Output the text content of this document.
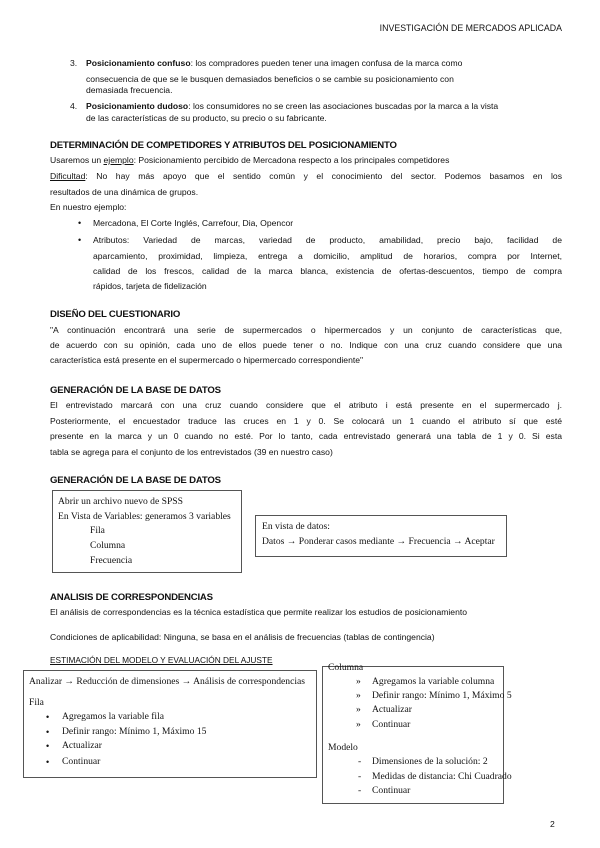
INVESTIGACIÓN DE MERCADOS APLICADA
3. Posicionamiento confuso: los compradores pueden tener una imagen confusa de la marca como
consecuencia de que se le busquen demasiados beneficios o se cambie su posicionamiento con
demasiada frecuencia.
4. Posicionamiento dudoso: los consumidores no se creen las asociaciones buscadas por la marca a la vista
de las características de su producto, su precio o su fabricante.
DETERMINACIÓN DE COMPETIDORES Y ATRIBUTOS DEL POSICIONAMIENTO
Usaremos un ejemplo: Posicionamiento percibido de Mercadona respecto a los principales competidores
Dificultad: No hay más apoyo que el sentido común y el conocimiento del sector. Podemos basamos en los
resultados de una dinámica de grupos.
En nuestro ejemplo:
• Mercadona, El Corte Inglés, Carrefour, Dia, Opencor
• Atributos: Variedad de marcas, variedad de producto, amabilidad, precio bajo, facilidad de
aparcamiento, proximidad, limpieza, entrega a domicilio, amplitud de horarios, compra por Internet,
calidad de los frescos, calidad de la marca blanca, existencia de ofertas-descuentos, tiempo de compra
rápidos, tarjeta de fidelización
DISEÑO DEL CUESTIONARIO
"A continuación encontrará una serie de supermercados o hipermercados y un conjunto de características que,
de acuerdo con su opinión, cada uno de ellos puede tener o no. Indique con una cruz cuando considere que una
característica está presente en el supermercado o hipermercado correspondiente"
GENERACIÓN DE LA BASE DE DATOS
El entrevistado marcará con una cruz cuando considere que el atributo i está presente en el supermercado j.
Posteriormente, el encuestador traduce las cruces en 1 y 0. Se colocará un 1 cuando el atributo sí que esté
presente en la marca y un 0 cuando no esté. Por lo tanto, cada entrevistado generará una tabla de 1 y 0. Si esta
tabla se agrega para el conjunto de los entrevistados (39 en nuestro caso)
GENERACIÓN DE LA BASE DE DATOS
Abrir un archivo nuevo de SPSS
En Vista de Variables: generamos 3 variables
Fila
Columna
Frecuencia
En vista de datos:
Datos → Ponderar casos mediante → Frecuencia → Aceptar
ANALISIS DE CORRESPONDENCIAS
El análisis de correspondencias es la técnica estadística que permite realizar los estudios de posicionamiento
Condiciones de aplicabilidad: Ninguna, se basa en el análisis de frecuencias (tablas de contingencia)
ESTIMACIÓN DEL MODELO Y EVALUACIÓN DEL AJUSTE
Analizar → Reducción de dimensiones → Análisis de correspondencias
Fila
• Agregamos la variable fila
• Definir rango: Mínimo 1, Máximo 15
• Actualizar
• Continuar
Columna
» Agregamos la variable columna
» Definir rango: Mínimo 1, Máximo 5
» Actualizar
» Continuar
Modelo
- Dimensiones de la solución: 2
- Medidas de distancia: Chi Cuadrado
- Continuar
2
